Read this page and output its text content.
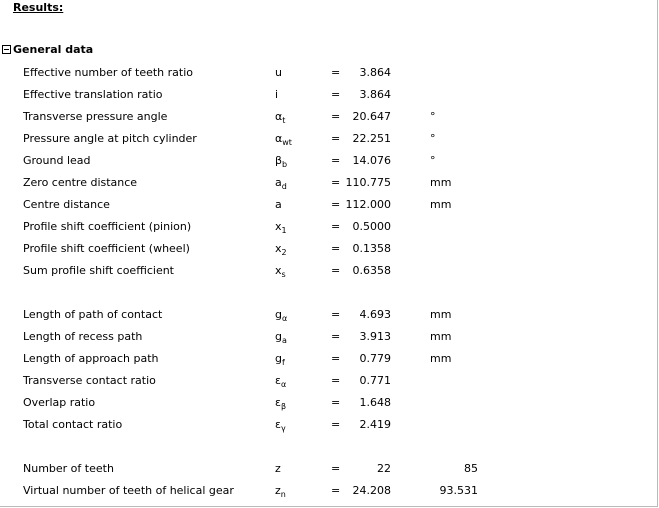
Results:
General data
Effective number of teeth ratio	u	=	3.864
Effective translation ratio	i	=	3.864
Transverse pressure angle	$\alpha_t$	=	20.647	°
Pressure angle at pitch cylinder	$\alpha_{wt}$	=	22.251	°
Ground lead	$\beta_b$	=	14.076	°
Zero centre distance	$a_d$	= 110.775	mm
Centre distance	a	= 112.000	mm
Profile shift coefficient (pinion)	$x_1$	=	0.5000
Profile shift coefficient (wheel)	$x_2$	=	0.1358
Sum profile shift coefficient	$x_s$	=	0.6358
Length of path of contact	$g_\alpha$	=	4.693	mm
Length of recess path	$g_a$	=	3.913	mm
Length of approach path	$g_f$	=	0.779	mm
Transverse contact ratio	$\varepsilon_\alpha$	=	0.771
Overlap ratio	$\varepsilon_\beta$	=	1.648
Total contact ratio	$\varepsilon_\gamma$	=	2.419
Number of teeth	z	=	22	85
Virtual number of teeth of helical gear	$z_n$	=	24.208	93.531
